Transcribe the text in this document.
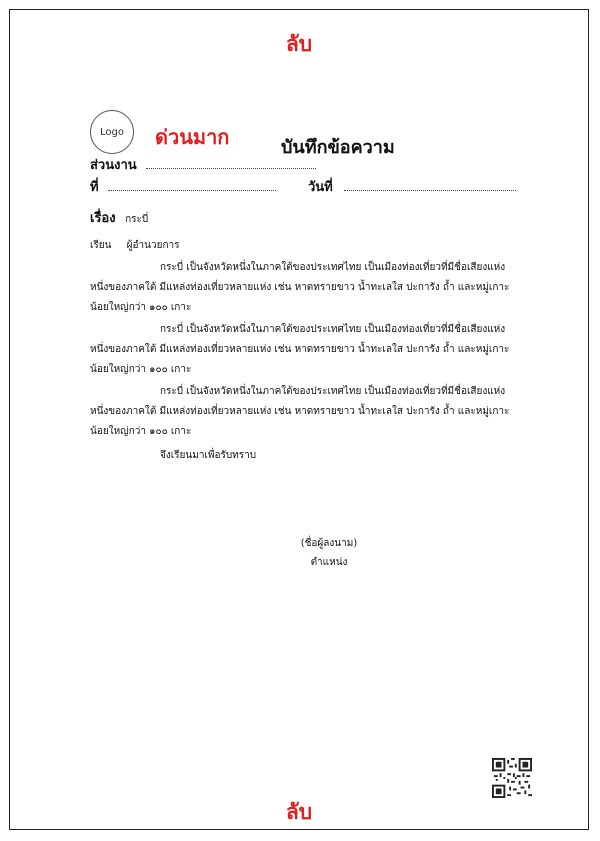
ลับ
Logo ด่วนมาก	บันทึกข้อความ
ส่วนงาน
ที่	วันที่
เรื่อง กระบี่
เรียน ผู้อำนวยการ
กระบี่ เป็นจังหวัดหนึ่งในภาคใต้ของประเทศไทย เป็นเมืองท่องเที่ยวที่มีชื่อเสียงแห่ง
หนึ่งของภาคใต้ มีแหล่งท่องเที่ยวหลายแห่ง เช่น หาดทรายขาว น้ำทะเลใส ปะการัง ถ้ำ และหมู่เกาะ
น้อยใหญ่กว่า ๑๐๐ เกาะ
กระบี่ เป็นจังหวัดหนึ่งในภาคใต้ของประเทศไทย เป็นเมืองท่องเที่ยวที่มีชื่อเสียงแห่ง
หนึ่งของภาคใต้ มีแหล่งท่องเที่ยวหลายแห่ง เช่น หาดทรายขาว น้ำทะเลใส ปะการัง ถ้ำ และหมู่เกาะ
น้อยใหญ่กว่า ๑๐๐ เกาะ
กระบี่ เป็นจังหวัดหนึ่งในภาคใต้ของประเทศไทย เป็นเมืองท่องเที่ยวที่มีชื่อเสียงแห่ง
หนึ่งของภาคใต้ มีแหล่งท่องเที่ยวหลายแห่ง เช่น หาดทรายขาว น้ำทะเลใส ปะการัง ถ้ำ และหมู่เกาะ
น้อยใหญ่กว่า ๑๐๐ เกาะ
จึงเรียนมาเพื่อรับทราบ
(ชื่อผู้ลงนาม)
ตำแหน่ง
ลับ
